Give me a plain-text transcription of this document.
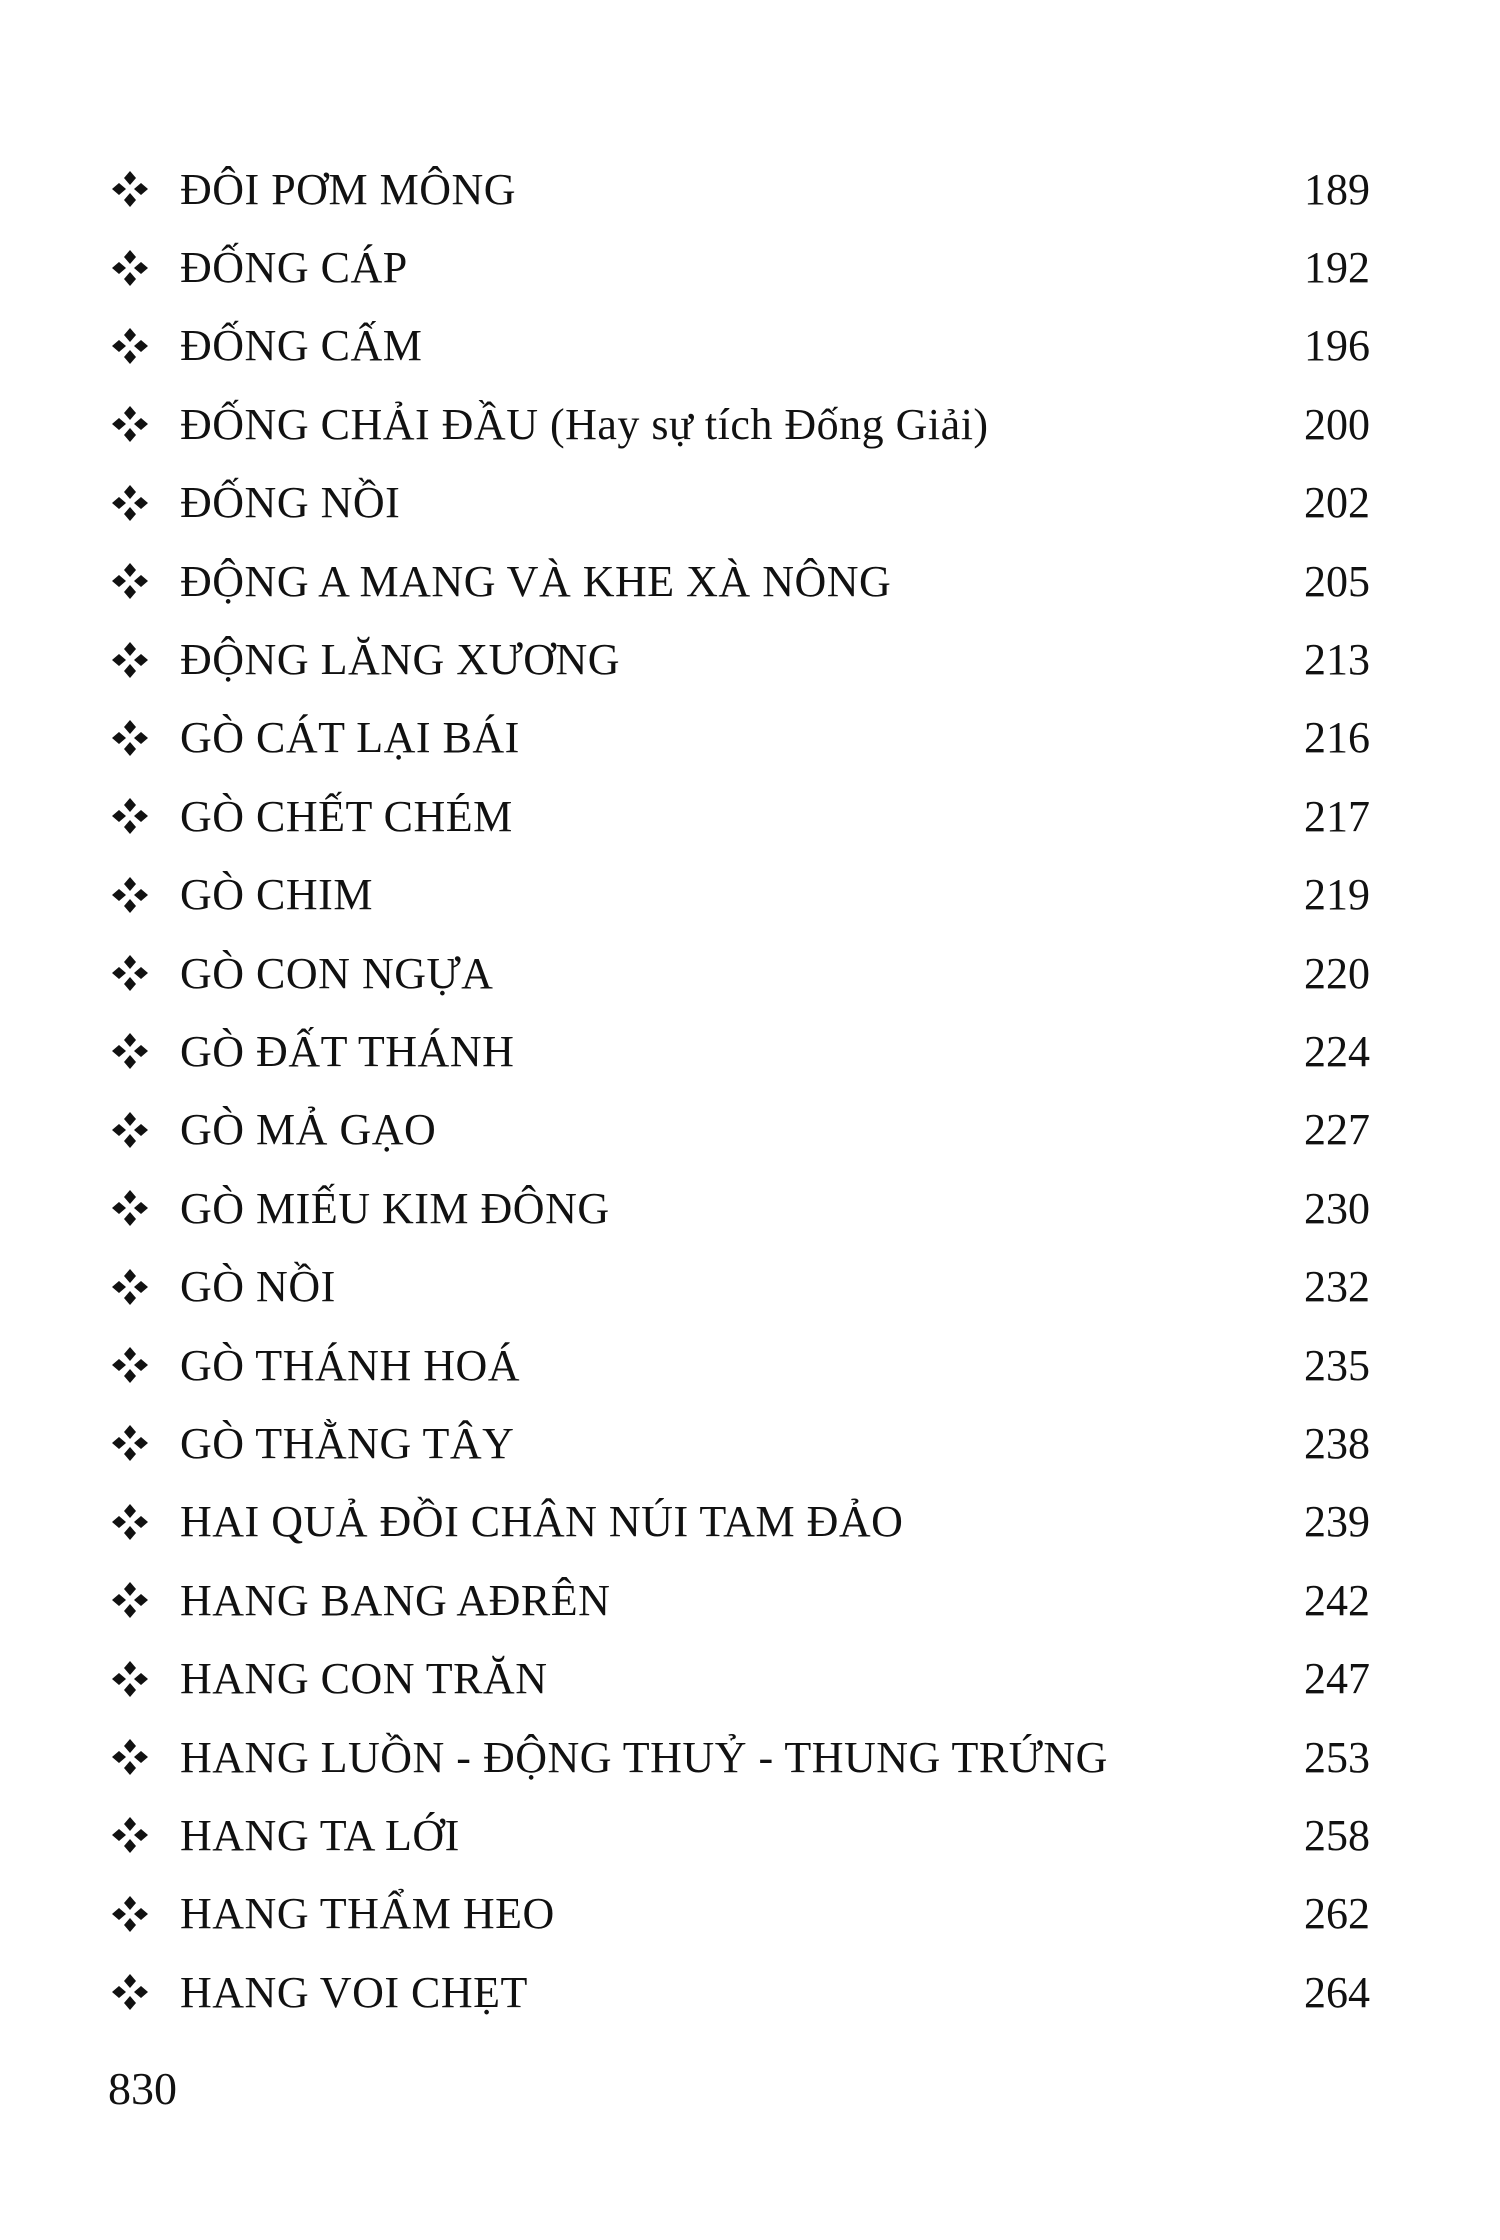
ĐÔI PƠM MÔNG	189
ĐỐNG CÁP	192
ĐỐNG CẤM	196
ĐỐNG CHẢI ĐẦU (Hay sự tích Đống Giải)	200
ĐỐNG NỒI	202
ĐỘNG A MANG VÀ KHE XÀ NÔNG	205
ĐỘNG LĂNG XƯƠNG	213
GÒ CÁT LẠI BÁI	216
GÒ CHẾT CHÉM	217
GÒ CHIM	219
GÒ CON NGỰA	220
GÒ ĐẤT THÁNH	224
GÒ MẢ GẠO	227
GÒ MIẾU KIM ĐÔNG	230
GÒ NỒI	232
GÒ THÁNH HOÁ	235
GÒ THẰNG TÂY	238
HAI QUẢ ĐỒI CHÂN NÚI TAM ĐẢO	239
HANG BANG AĐRÊN	242
HANG CON TRĂN	247
HANG LUỒN - ĐỘNG THUỶ - THUNG TRỨNG	253
HANG TA LỚI	258
HANG THẨM HEO	262
HANG VOI CHẸT	264
830
